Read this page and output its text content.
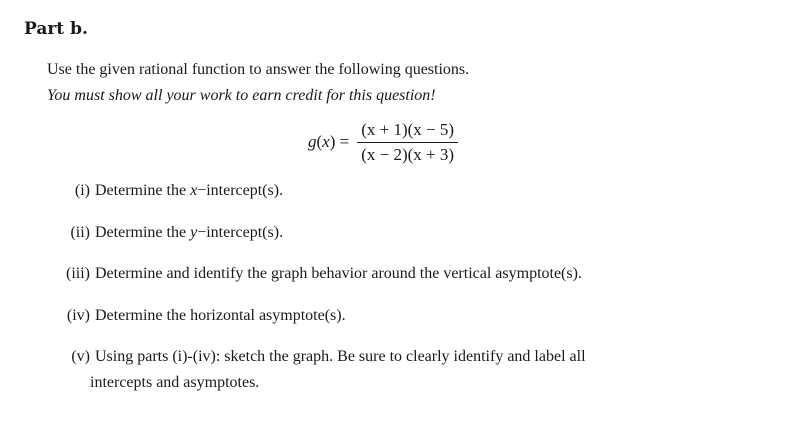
Part b.
Use the given rational function to answer the following questions.
You must show all your work to earn credit for this question!
$g(x) = \frac{(x + 1)(x - 5)}{(x - 2)(x + 3)}$
(i) Determine the x−intercept(s).
(ii) Determine the y−intercept(s).
(iii) Determine and identify the graph behavior around the vertical asymptote(s).
(iv) Determine the horizontal asymptote(s).
(v) Using parts (i)-(iv): sketch the graph. Be sure to clearly identify and label all
intercepts and asymptotes.
